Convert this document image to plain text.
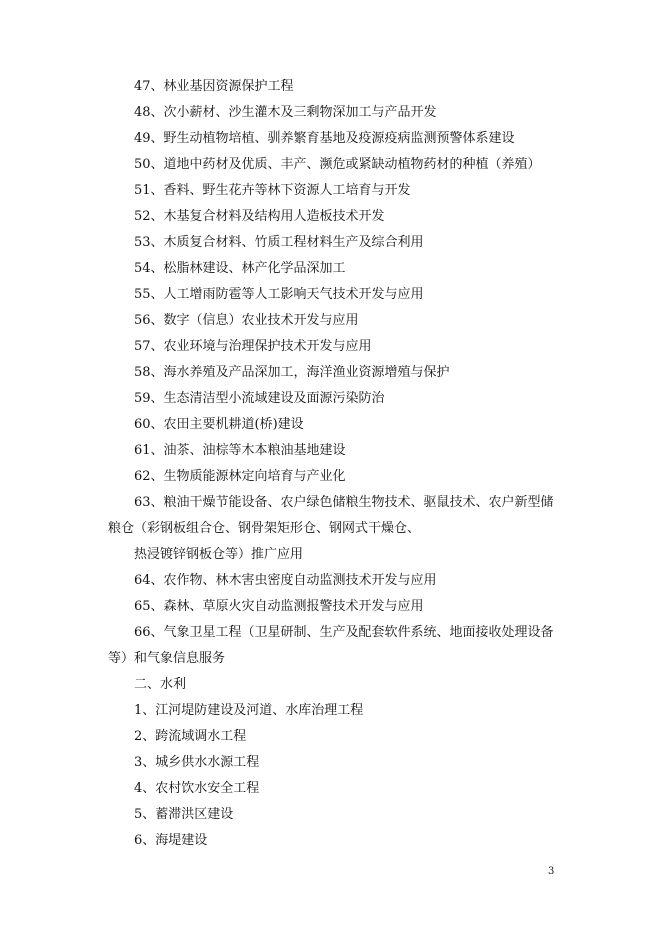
47、林业基因资源保护工程
48、次小薪材、沙生灌木及三剩物深加工与产品开发
49、野生动植物培植、驯养繁育基地及疫源疫病监测预警体系建设
50、道地中药材及优质、丰产、濒危或紧缺动植物药材的种植（养殖）
51、香料、野生花卉等林下资源人工培育与开发
52、木基复合材料及结构用人造板技术开发
53、木质复合材料、竹质工程材料生产及综合利用
54、松脂林建设、林产化学品深加工
55、人工增雨防雹等人工影响天气技术开发与应用
56、数字（信息）农业技术开发与应用
57、农业环境与治理保护技术开发与应用
58、海水养殖及产品深加工，海洋渔业资源增殖与保护
59、生态清洁型小流域建设及面源污染防治
60、农田主要机耕道(桥)建设
61、油茶、油棕等木本粮油基地建设
62、生物质能源林定向培育与产业化
63、粮油干燥节能设备、农户绿色储粮生物技术、驱鼠技术、农户新型储
粮仓（彩钢板组合仓、钢骨架矩形仓、钢网式干燥仓、
热浸镀锌钢板仓等）推广应用
64、农作物、林木害虫密度自动监测技术开发与应用
65、森林、草原火灾自动监测报警技术开发与应用
66、气象卫星工程（卫星研制、生产及配套软件系统、地面接收处理设备
等）和气象信息服务
二、水利
1、江河堤防建设及河道、水库治理工程
2、跨流域调水工程
3、城乡供水水源工程
4、农村饮水安全工程
5、蓄滞洪区建设
6、海堤建设
3
